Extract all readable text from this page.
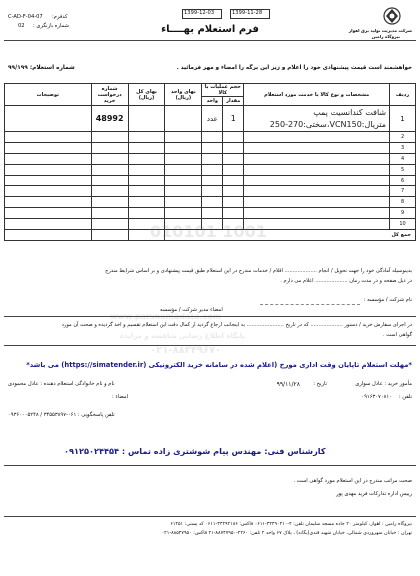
شرکت مدیریت تولید برق اهواز
نیروگاه رامین
1399-11-28
1399-12-03
فرم استعلام بهــــاء
C-AD-F-04-07 کدفرم:
02 شماره بازنگری :
خواهشمند است قیمت پیشنهادی خود را اعلام و زیر این برگه را امضاء و مهر فرمائید .
شماره استعلام: ۹۹/۱۹۹
ردیف	مشخصات و نوع کالا یا خدمت مورد استعلام	حجم عملیات یا کالا		بهای واحد (ریال)	بهای کل (ریال)	شماره درخواست خرید	توضیحات
		مقدار	واحد				
1	شافت کندانسیت پمپ متریال:VCN150،سختی:270-250	1	عدد			48992	
2							
3							
4							
5							
6							
7							
8							
9							
10							
جمع کل							
010101 1001
www.parsnamadata.com
پایگاه اطلاع رسانی مناقصه و مزایده
۰۲۱-۸۸۳۴۹۶۷۰
بدینوسیله آمادگی خود را جهت تحویل / انجام .................... اقلام / خدمات مندرج در این استعلام طبق قیمت پیشنهادی و بر اساس شرایط مندرج
در ذیل صفحه و در مدت زمان .................... اعلام می دارم .
نام شرکت / مؤسسه :
امضاء مدیر شرکت / مؤسسه
در اجرای سفارش خرید / دستور .................... که در تاریخ ....................... به اینجانب ارجاع گردید از کمال دقت این استعلام تقسیم و اخذ گردیده و صحت آن مورد
گواهی است .
*مهلت استعلام تاپایان وقت اداری مورخ (اعلام شده در سامانه خرید الکترونیکی (https://simatender.ir) می باشد*
مأمور خرید : عادل سواری
تاریخ :
۹۹/۱۱/۲۸
تلفن :
۰۹۱۶۳۰۷۰۸۱۰
نام و نام خانوادگی استعلام دهنده : عادل محمودی
امضاء :
تلفن پاسخگویی : ۰۶۱-۳۴۵۵۳۸۹۷ / ۰۹۳۶۰۰۰۵۲۴۸
کارشناس فنی: مهندس پیام شوشتری زاده تماس : ۰۹۱۲۵۰۲۴۴۵۴
صحت مراتب مندرج در این استعلام مورد گواهی است .
رییس اداره تدارکات فرید مهدی پور
نیروگاه رامین : اهواز، کیلومتر ۲۰ جاده مسجد سلیمان تلفن: ۴-۳۴۴۹۰۴۱۰-۰۶۱۱ فاکس: ۳۴۴۹۲۱۸۶-۰۶۱۱ کد پستی: ۶۱۴۵۱
تهران : خیابان سهروردی شمالی، خیابان شهید قندی(یگانه) ، پلاک ۶۷ واحد ۲ تلفن: ۲۲۶۰-۸۸۷۴۷۹۵۰-۲۱ فاکس: ۸۸۵۴۷۹۵۰-۰۲۱
